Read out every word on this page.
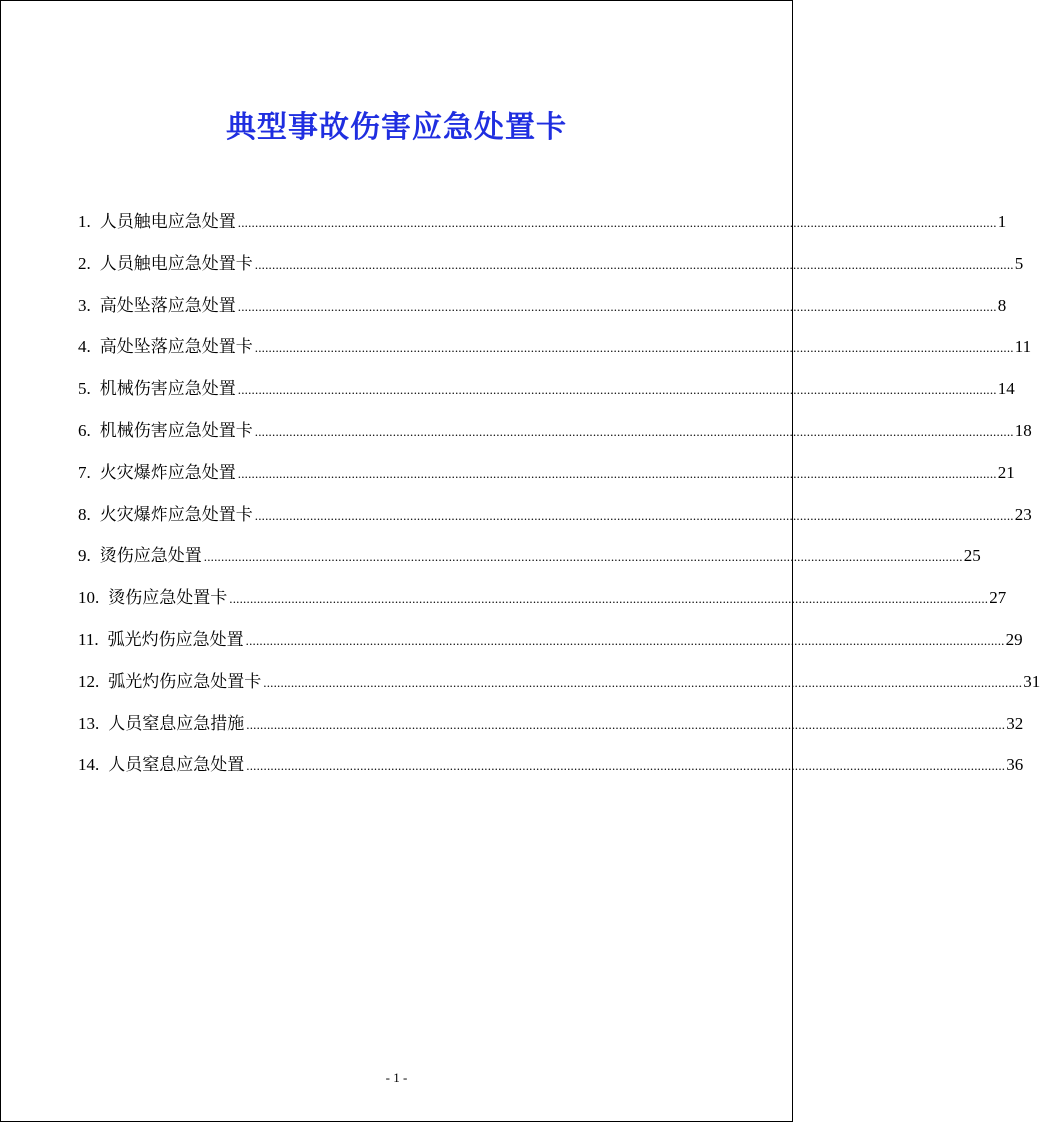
典型事故伤害应急处置卡
1. 人员触电应急处置 ............................................................................................................................................................................................................................ 1
2. 人员触电应急处置卡 ............................................................................................................................................................................................................................ 5
3. 高处坠落应急处置 ............................................................................................................................................................................................................................ 8
4. 高处坠落应急处置卡 ............................................................................................................................................................................................................................ 11
5. 机械伤害应急处置 ............................................................................................................................................................................................................................ 14
6. 机械伤害应急处置卡 ............................................................................................................................................................................................................................ 18
7. 火灾爆炸应急处置 ............................................................................................................................................................................................................................ 21
8. 火灾爆炸应急处置卡 ............................................................................................................................................................................................................................ 23
9. 烫伤应急处置 ............................................................................................................................................................................................................................ 25
10. 烫伤应急处置卡 ............................................................................................................................................................................................................................ 27
11. 弧光灼伤应急处置 ............................................................................................................................................................................................................................ 29
12. 弧光灼伤应急处置卡 ............................................................................................................................................................................................................................ 31
13. 人员窒息应急措施 ............................................................................................................................................................................................................................ 32
14. 人员窒息应急处置 ............................................................................................................................................................................................................................ 36
- 1 -
